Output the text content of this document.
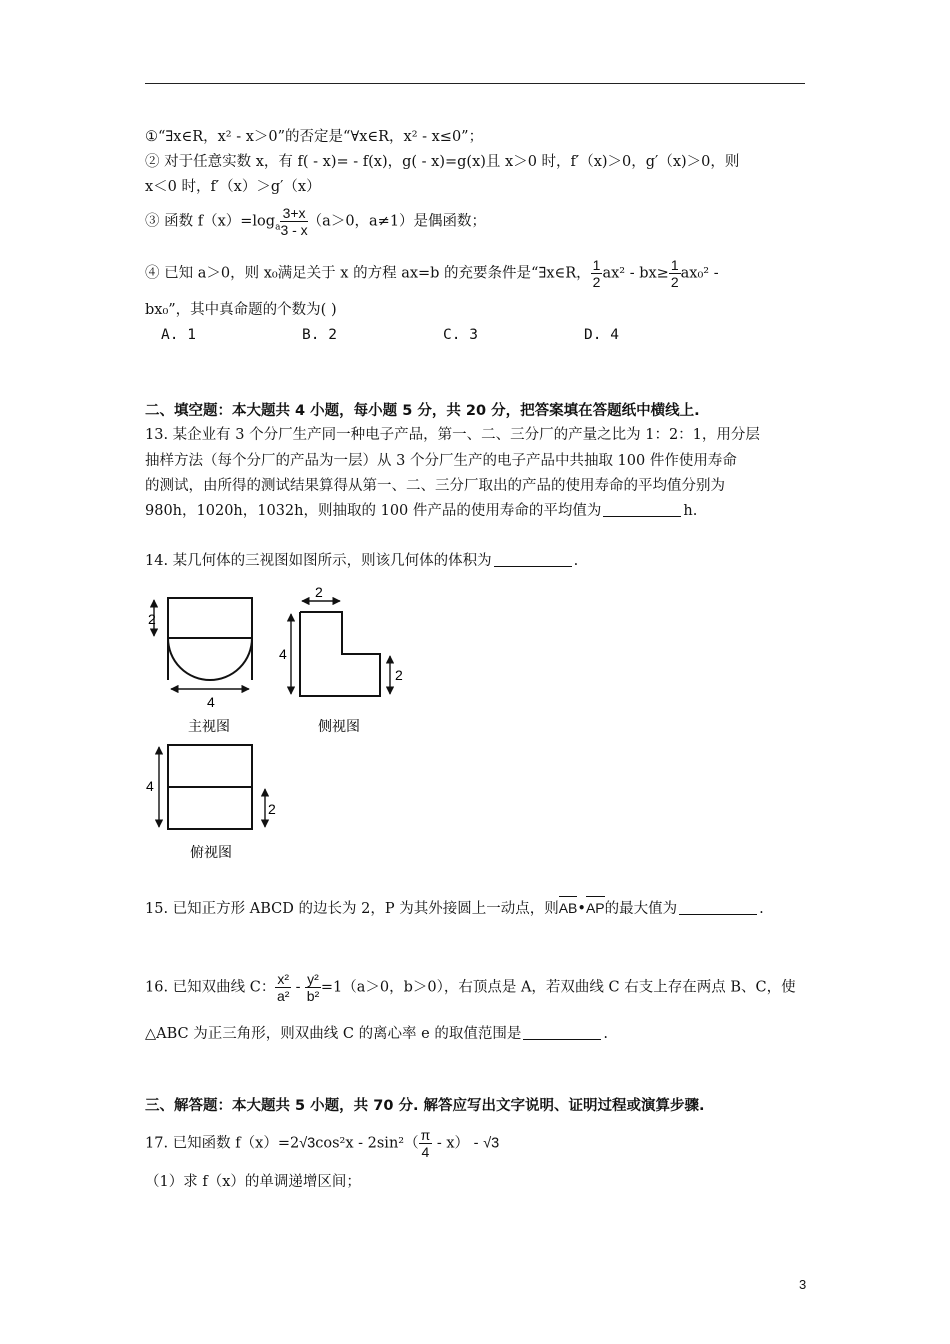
①“∃x∈R，x² - x＞0”的否定是“∀x∈R，x² - x≤0”；
② 对于任意实数 x，有 f( - x)= - f(x)，g( - x)=g(x)且 x＞0 时，f′（x)＞0，g′（x)＞0，则
x＜0 时，f′（x）＞g′（x）
③ 函数 $f(x)=\log_a \frac{3+x}{3 - x} (a>0$，a≠1）是偶函数；
④ 已知 a＞0，则 x₀满足关于 x 的方程 ax=b 的充要条件是“∃x∈R， $\frac{1}{2} ax^2 - bx\ge \frac{1}{2} ax_0^2$ -
bx₀”，其中真命题的个数为( )
A. 1	B. 2	C. 3	D. 4
二、填空题：本大题共 4 小题，每小题 5 分，共 20 分，把答案填在答题纸中横线上.
13. 某企业有 3 个分厂生产同一种电子产品，第一、二、三分厂的产量之比为 1：2：1，用分层
抽样方法（每个分厂的产品为一层）从 3 个分厂生产的电子产品中共抽取 100 件作使用寿命
的测试，由所得的测试结果算得从第一、二、三分厂取出的产品的使用寿命的平均值分别为
980h，1020h，1032h，则抽取的 100 件产品的使用寿命的平均值为	h.
14. 某几何体的三视图如图所示，则该几何体的体积为	.
2
4
主视图
2
4
2
侧视图
4
2
俯视图
15. 已知正方形 ABCD 的边长为 2，P 为其外接圆上一动点，则AB•AP的最大值为	.
16. 已知双曲线 C： $\frac{\text{x²}}{\text{a²}} - \frac{\text{y²}}{\text{b²}} =1(a>0$，b＞0），右顶点是 A，若双曲线 C 右支上存在两点 B、C，使
△ABC 为正三角形，则双曲线 C 的离心率 e 的取值范围是	.
三、解答题：本大题共 5 小题，共 70 分. 解答应写出文字说明、证明过程或演算步骤.
17. 已知函数 $f(x)=2√3\cos^2x - 2\sin^2( \frac{\pi}{4} - x) - √3$
（1）求 f（x）的单调递增区间；
3
